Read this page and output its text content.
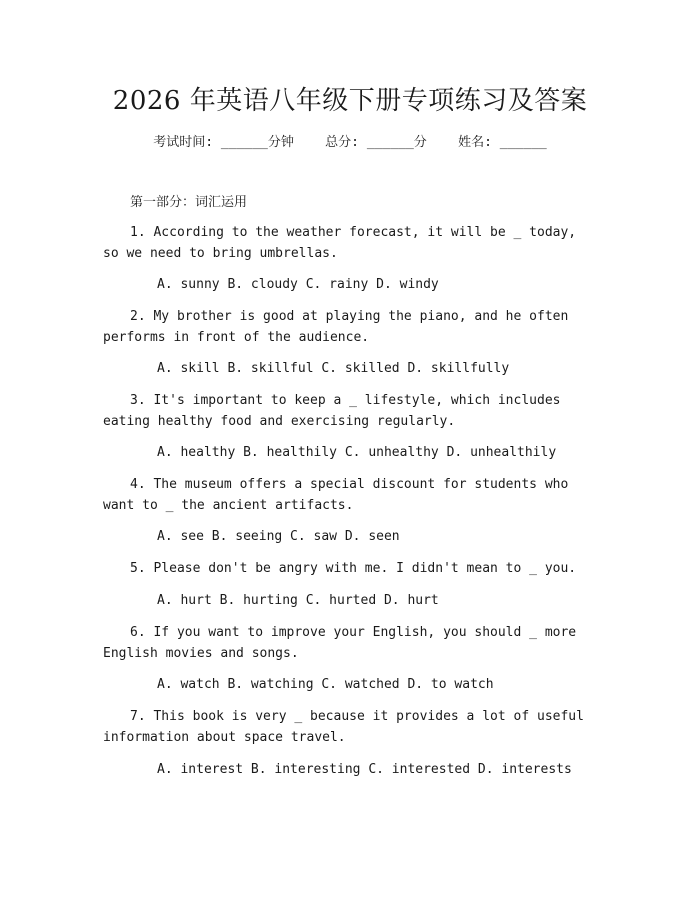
2026 年英语八年级下册专项练习及答案
考试时间: ______分钟    总分: ______分    姓名: ______
第一部分：词汇运用
1. According to the weather forecast, it will be _ today, so we need to bring umbrellas.
A. sunny B. cloudy C. rainy D. windy
2. My brother is good at playing the piano, and he often performs in front of the audience.
A. skill B. skillful C. skilled D. skillfully
3. It's important to keep a _ lifestyle, which includes eating healthy food and exercising regularly.
A. healthy B. healthily C. unhealthy D. unhealthily
4. The museum offers a special discount for students who want to _ the ancient artifacts.
A. see B. seeing C. saw D. seen
5. Please don't be angry with me. I didn't mean to _ you.
A. hurt B. hurting C. hurted D. hurt
6. If you want to improve your English, you should _ more English movies and songs.
A. watch B. watching C. watched D. to watch
7. This book is very _ because it provides a lot of useful information about space travel.
A. interest B. interesting C. interested D. interests
